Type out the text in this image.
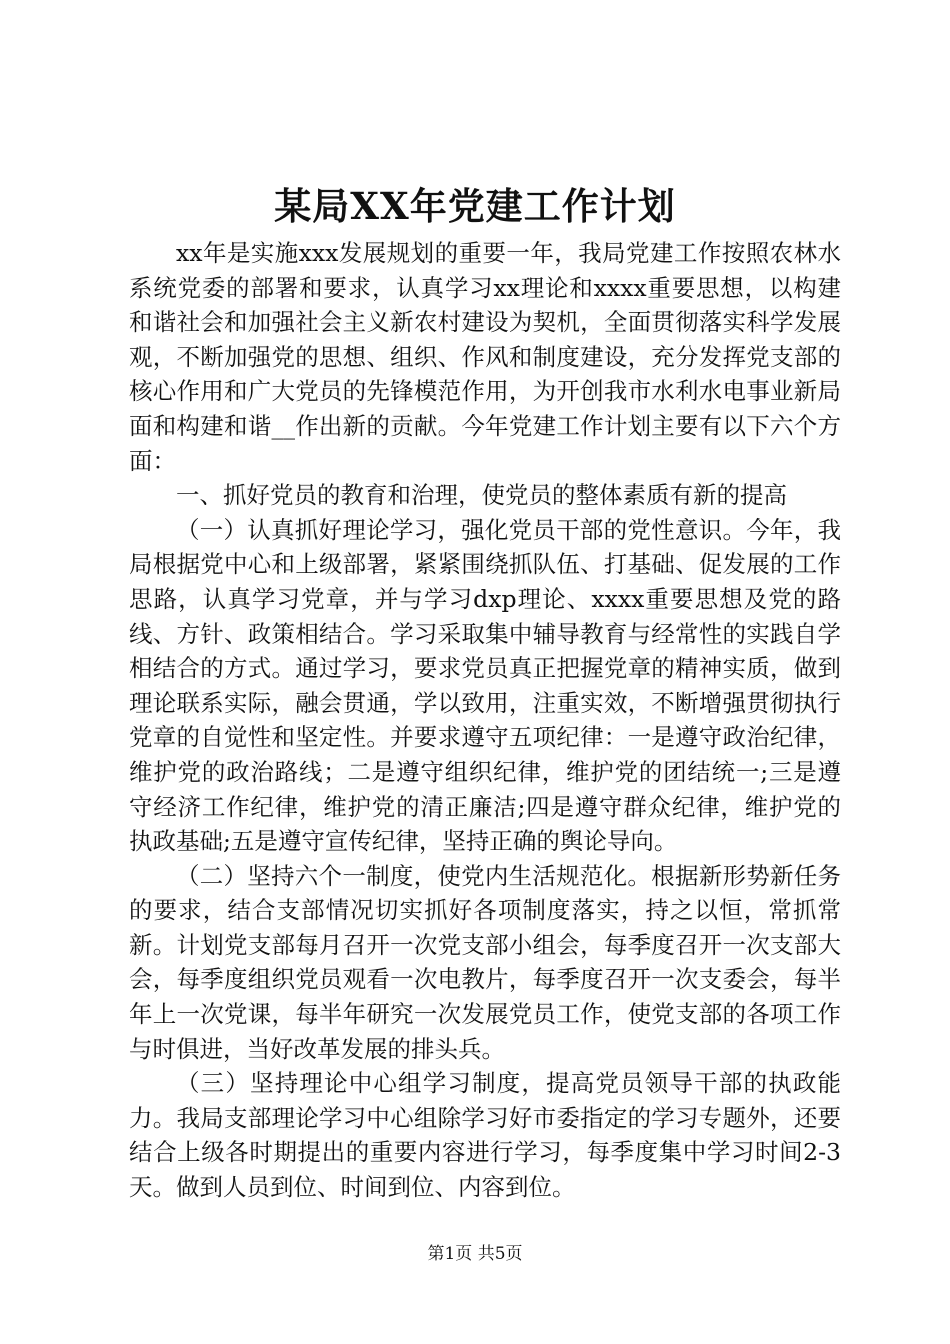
某局XX年党建工作计划

xx年是实施xxx发展规划的重要一年，我局党建工作按照农林水系统党委的部署和要求，认真学习xx理论和xxxx重要思想，以构建和谐社会和加强社会主义新农村建设为契机，全面贯彻落实科学发展观，不断加强党的思想、组织、作风和制度建设，充分发挥党支部的核心作用和广大党员的先锋模范作用，为开创我市水利水电事业新局面和构建和谐__作出新的贡献。今年党建工作计划主要有以下六个方面：

一、抓好党员的教育和治理，使党员的整体素质有新的提高

（一）认真抓好理论学习，强化党员干部的党性意识。今年，我局根据党中心和上级部署，紧紧围绕抓队伍、打基础、促发展的工作思路，认真学习党章，并与学习dxp理论、xxxx重要思想及党的路线、方针、政策相结合。学习采取集中辅导教育与经常性的实践自学相结合的方式。通过学习，要求党员真正把握党章的精神实质，做到理论联系实际，融会贯通，学以致用，注重实效，不断增强贯彻执行党章的自觉性和坚定性。并要求遵守五项纪律：一是遵守政治纪律，维护党的政治路线；二是遵守组织纪律，维护党的团结统一;三是遵守经济工作纪律，维护党的清正廉洁;四是遵守群众纪律，维护党的执政基础;五是遵守宣传纪律，坚持正确的舆论导向。

（二）坚持六个一制度，使党内生活规范化。根据新形势新任务的要求，结合支部情况切实抓好各项制度落实，持之以恒，常抓常新。计划党支部每月召开一次党支部小组会，每季度召开一次支部大会，每季度组织党员观看一次电教片，每季度召开一次支委会，每半年上一次党课，每半年研究一次发展党员工作，使党支部的各项工作与时俱进，当好改革发展的排头兵。

（三）坚持理论中心组学习制度，提高党员领导干部的执政能力。我局支部理论学习中心组除学习好市委指定的学习专题外，还要结合上级各时期提出的重要内容进行学习，每季度集中学习时间2-3天。做到人员到位、时间到位、内容到位。

第1页 共5页
